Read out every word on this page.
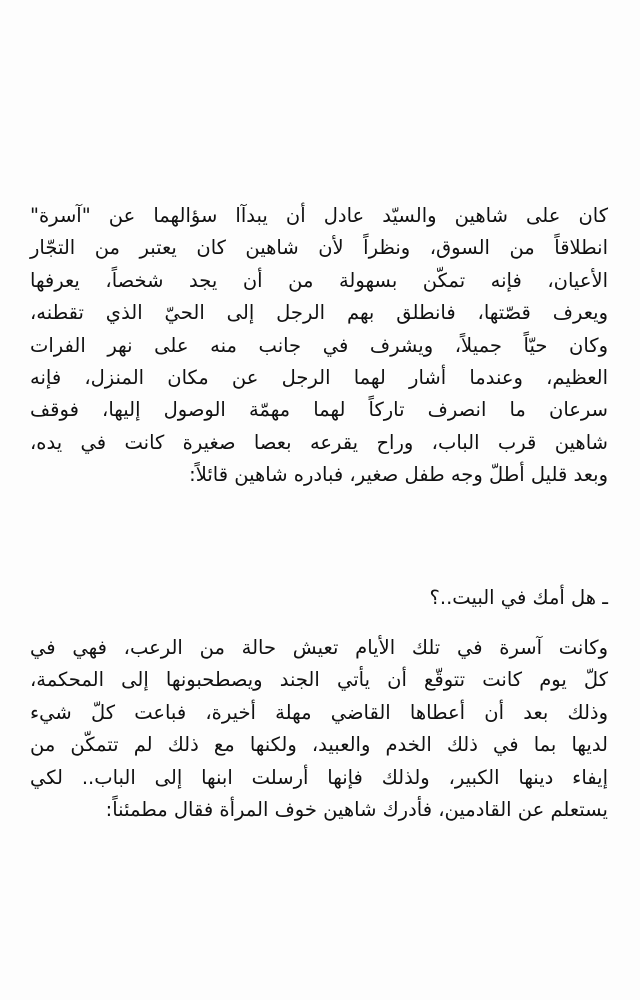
كان على شاهين والسيّد عادل أن يبدآا سؤالهما عن "آسرة"
انطلاقاً من السوق، ونظراً لأن شاهين كان يعتبر من التجّار
الأعيان، فإنه تمكّن بسهولة من أن يجد شخصاً، يعرفها
ويعرف قصّتها، فانطلق بهم الرجل إلى الحيّ الذي تقطنه،
وكان حيّاً جميلاً، ويشرف في جانب منه على نهر الفرات
العظيم، وعندما أشار لهما الرجل عن مكان المنزل، فإنه
سرعان ما انصرف تاركاً لهما مهمّة الوصول إليها، فوقف
شاهين قرب الباب، وراح يقرعه بعصا صغيرة كانت في يده،
وبعد قليل أطلّ وجه طفل صغير، فبادره شاهين قائلاً:
ـ هل أمك في البيت..؟
وكانت آسرة في تلك الأيام تعيش حالة من الرعب، فهي في
كلّ يوم كانت تتوقّع أن يأتي الجند ويصطحبونها إلى المحكمة،
وذلك بعد أن أعطاها القاضي مهلة أخيرة، فباعت كلّ شيء
لديها بما في ذلك الخدم والعبيد، ولكنها مع ذلك لم تتمكّن من
إيفاء دينها الكبير، ولذلك فإنها أرسلت ابنها إلى الباب.. لكي
يستعلم عن القادمين، فأدرك شاهين خوف المرأة فقال مطمئناً:
